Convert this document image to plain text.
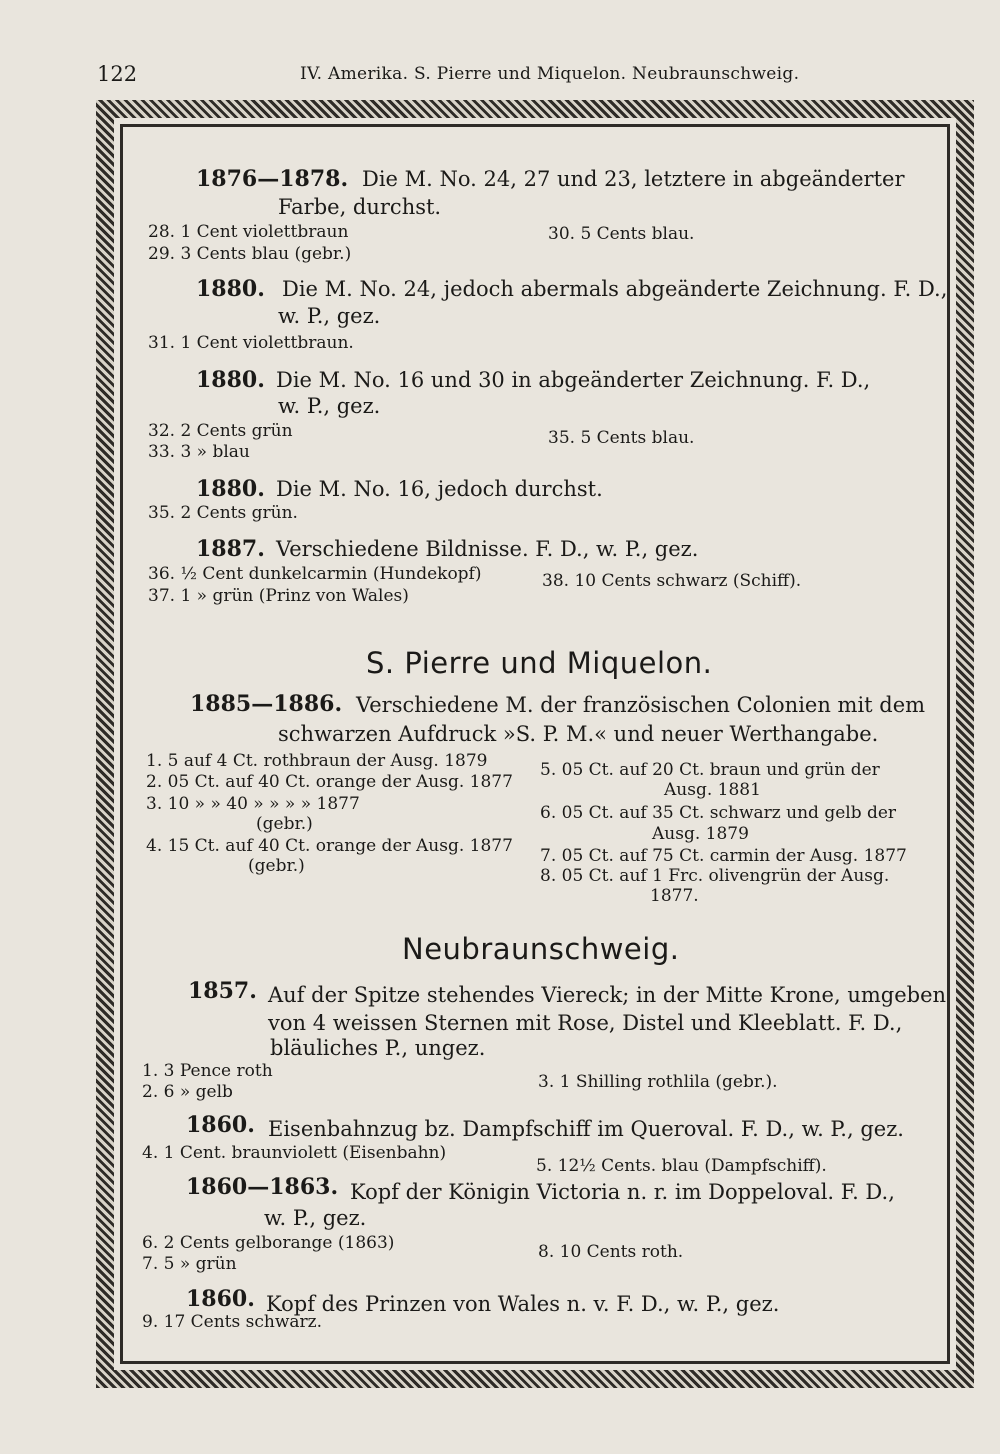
122	IV. Amerika. S. Pierre und Miquelon. Neubraunschweig.
1876—1878. Die M. No. 24, 27 und 23, letztere in abgeänderter
Farbe, durchst.
28. 1 Cent violettbraun
29. 3 Cents blau (gebr.)
30. 5 Cents blau.
1880. Die M. No. 24, jedoch abermals abgeänderte Zeichnung. F. D.,
w. P., gez.
31. 1 Cent violettbraun.
1880. Die M. No. 16 und 30 in abgeänderter Zeichnung. F. D.,
w. P., gez.
32. 2 Cents grün
33. 3 » blau
35. 5 Cents blau.
1880. Die M. No. 16, jedoch durchst.
35. 2 Cents grün.
1887. Verschiedene Bildnisse. F. D., w. P., gez.
36. ½ Cent dunkelcarmin (Hundekopf)
37. 1 » grün (Prinz von Wales)
38. 10 Cents schwarz (Schiff).
S. Pierre und Miquelon.
1885—1886. Verschiedene M. der französischen Colonien mit dem
schwarzen Aufdruck »S. P. M.« und neuer Werthangabe.
1. 5 auf 4 Ct. rothbraun der Ausg. 1879
2. 05 Ct. auf 40 Ct. orange der Ausg. 1877
3. 10 » » 40 » » » » 1877
(gebr.)
4. 15 Ct. auf 40 Ct. orange der Ausg. 1877
(gebr.)
5. 05 Ct. auf 20 Ct. braun und grün der
Ausg. 1881
6. 05 Ct. auf 35 Ct. schwarz und gelb der
Ausg. 1879
7. 05 Ct. auf 75 Ct. carmin der Ausg. 1877
8. 05 Ct. auf 1 Frc. olivengrün der Ausg.
1877.
Neubraunschweig.
1857. Auf der Spitze stehendes Viereck; in der Mitte Krone, umgeben
von 4 weissen Sternen mit Rose, Distel und Kleeblatt. F. D.,
bläuliches P., ungez.
1. 3 Pence roth
2. 6 » gelb	3. 1 Shilling rothlila (gebr.).
1860. Eisenbahnzug bz. Dampfschiff im Queroval. F. D., w. P., gez.
4. 1 Cent. braunviolett (Eisenbahn)
5. 12½ Cents. blau (Dampfschiff).
1860—1863. Kopf der Königin Victoria n. r. im Doppeloval. F. D.,
w. P., gez.
6. 2 Cents gelborange (1863)
7. 5 » grün
8. 10 Cents roth.
1860. Kopf des Prinzen von Wales n. v. F. D., w. P., gez.
9. 17 Cents schwarz.
